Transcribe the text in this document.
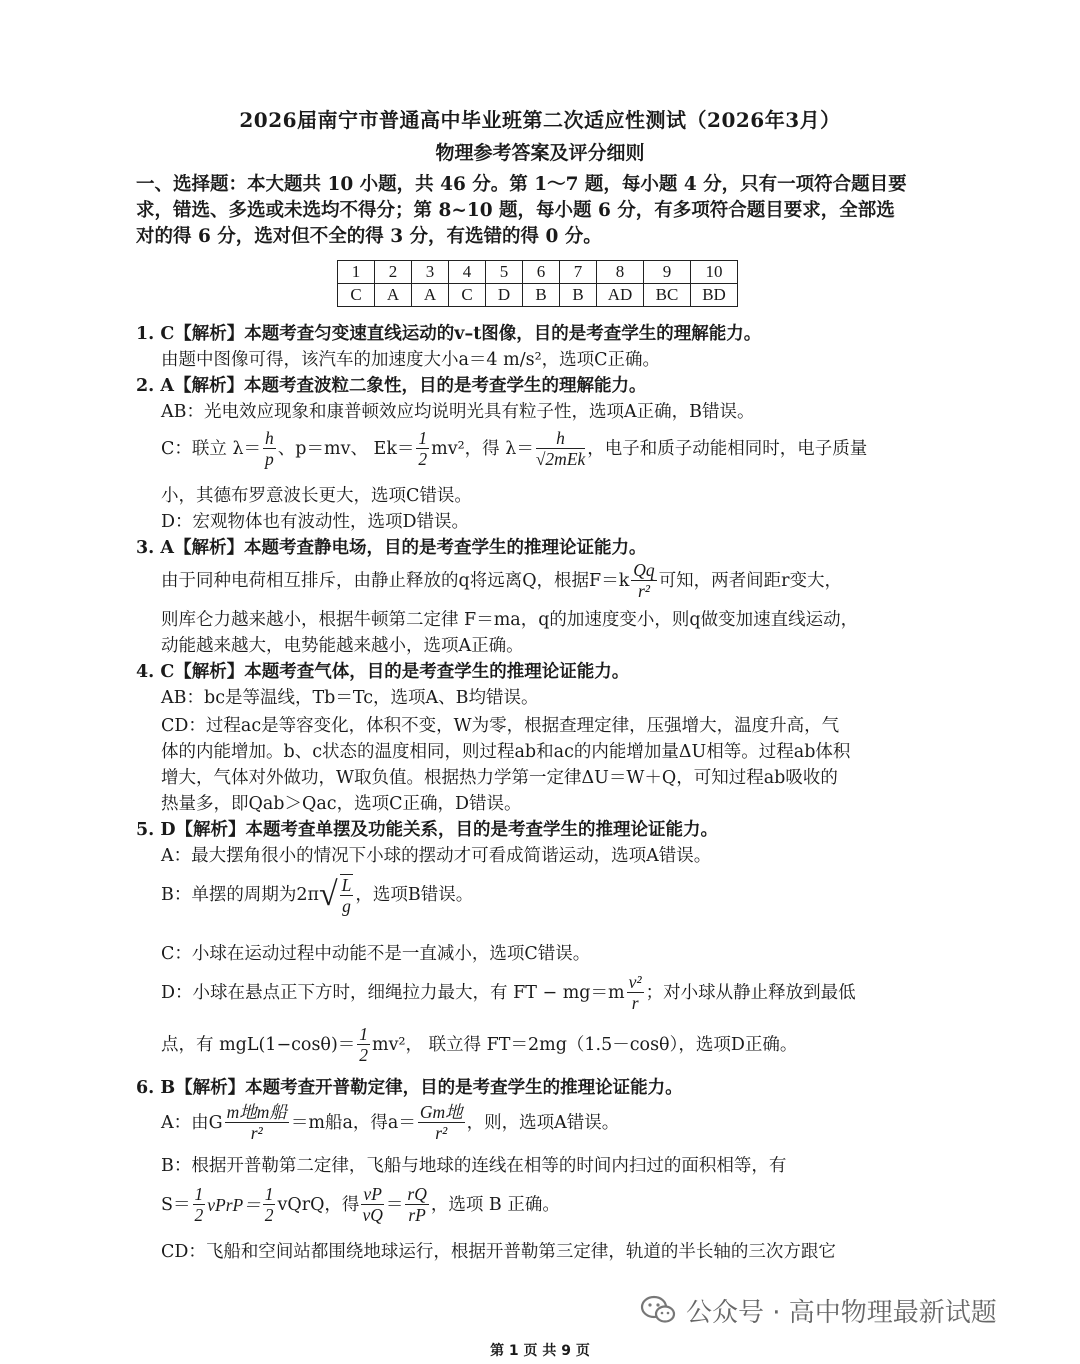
2026届南宁市普通高中毕业班第二次适应性测试（2026年3月）
物理参考答案及评分细则
一、选择题：本大题共 10 小题，共 46 分。第 1～7 题，每小题 4 分，只有一项符合题目要
求，错选、多选或未选均不得分；第 8~10 题，每小题 6 分，有多项符合题目要求，全部选
对的得 6 分，选对但不全的得 3 分，有选错的得 0 分。
1	2	3	4	5	6	7	8	9	10
C	A	A	C	D	B	B	AD	BC	BD
1. C【解析】本题考查匀变速直线运动的v–t图像，目的是考查学生的理解能力。
由题中图像可得，该汽车的加速度大小a＝4 m/s²，选项C正确。
2. A【解析】本题考查波粒二象性，目的是考查学生的理解能力。
AB：光电效应现象和康普顿效应均说明光具有粒子性，选项A正确，B错误。
C：联立 $\lambda= \frac{h}{p}$ 、p＝mv、 $Ek= \frac{1}{2} mv^2$，得 $\lambda= \frac{h}{\text{√2mEk}}$ ，电子和质子动能相同时，电子质量
小，其德布罗意波长更大，选项C错误。
D：宏观物体也有波动性，选项D错误。
3. A【解析】本题考查静电场，目的是考查学生的推理论证能力。
由于同种电荷相互排斥，由静止释放的q将远离Q，根据$F=k \frac{Qq}{\text{r²}}$ 可知，两者间距r变大，
则库仑力越来越小，根据牛顿第二定律 F＝ma，q的加速度变小，则q做变加速直线运动，
动能越来越大，电势能越来越小，选项A正确。
4. C【解析】本题考查气体，目的是考查学生的推理论证能力。
AB：bc是等温线，Tb＝Tc，选项A、B均错误。
CD：过程ac是等容变化，体积不变，W为零，根据查理定律，压强增大，温度升高，气
体的内能增加。b、c状态的温度相同，则过程ab和ac的内能增加量ΔU相等。过程ab体积
增大，气体对外做功，W取负值。根据热力学第一定律ΔU＝W＋Q，可知过程ab吸收的
热量多，即Qab＞Qac，选项C正确，D错误。
5. D【解析】本题考查单摆及功能关系，目的是考查学生的推理论证能力。
A：最大摆角很小的情况下小球的摆动才可看成简谐运动，选项A错误。
B：单摆的周期为2π √ $\frac{L}{g}$ ，选项B错误。
C：小球在运动过程中动能不是一直减小，选项C错误。
D：小球在悬点正下方时，细绳拉力最大，有 FT − $mg=m \frac{\text{v²}}{r}$ ；对小球从静止释放到最低
点，有 $mgL(1-\cos\theta)= \frac{1}{2} mv^2$， 联立得 FT＝2mg（1.5－cosθ），选项D正确。
6. B【解析】本题考查开普勒定律，目的是考查学生的推理论证能力。
A：由G $\frac{\text{m地m船}}{\text{r²}} =m$船a，得$a= \frac{\text{Gm地}}{\text{r²}}$ ，则，选项A错误。
B：根据开普勒第二定律，飞船与地球的连线在相等的时间内扫过的面积相等，有
$S= \frac{1}{2}$ vPrP＝ $\frac{1}{2}$ vQrQ，得 $\frac{vP}{vQ} = \frac{rQ}{rP}$ ，选项 B 正确。
CD：飞船和空间站都围绕地球运行，根据开普勒第三定律，轨道的半长轴的三次方跟它
公众号 · 高中物理最新试题
第 1 页 共 9 页
